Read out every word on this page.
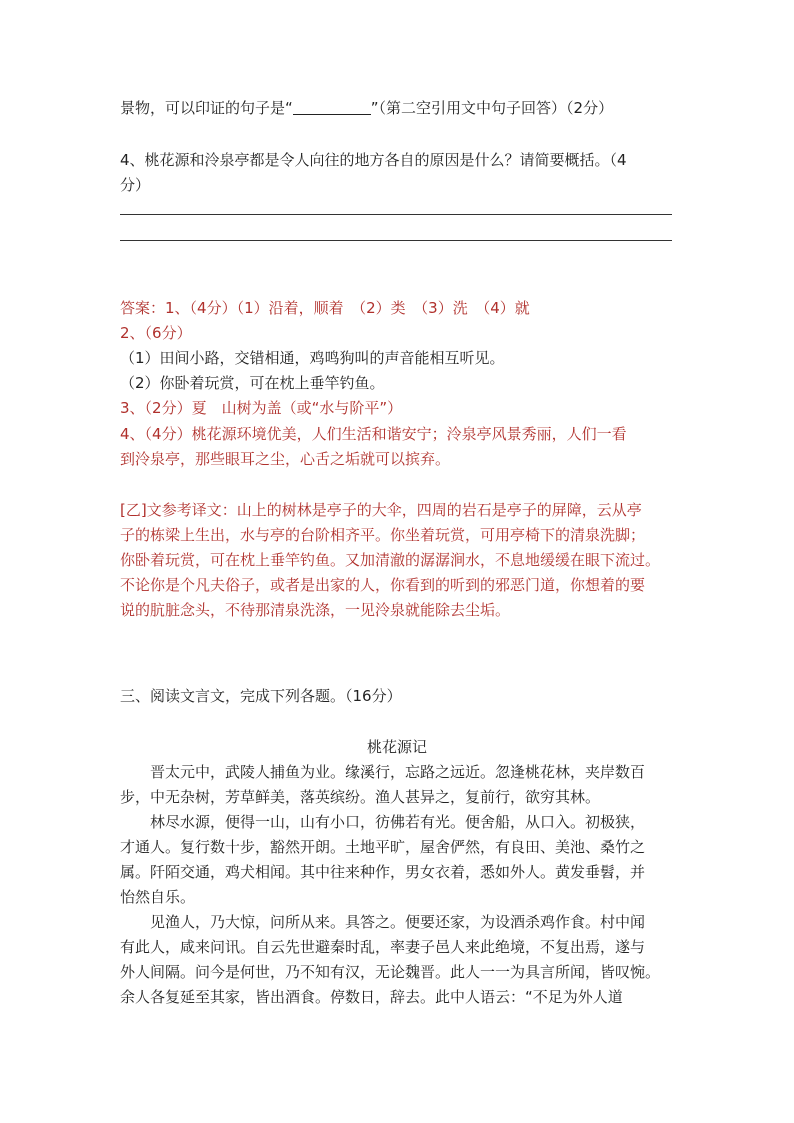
景物，可以印证的句子是“	”（第二空引用文中句子回答）（2分）
4、桃花源和泠泉亭都是令人向往的地方各自的原因是什么？请简要概括。（4
分）
答案：1、（4分）（1）沿着，顺着　（2）类　（3）洗　（4）就
2、（6分）
（1）田间小路，交错相通，鸡鸣狗叫的声音能相互听见。
（2）你卧着玩赏，可在枕上垂竿钓鱼。
3、（2分）夏　山树为盖（或“水与阶平”）
4、（4分）桃花源环境优美，人们生活和谐安宁；泠泉亭风景秀丽，人们一看
到泠泉亭，那些眼耳之尘，心舌之垢就可以摈弃。
[乙]文参考译文：山上的树林是亭子的大伞，四周的岩石是亭子的屏障，云从亭
子的栋梁上生出，水与亭的台阶相齐平。你坐着玩赏，可用亭椅下的清泉洗脚；
你卧着玩赏，可在枕上垂竿钓鱼。又加清澈的潺潺涧水，不息地缓缓在眼下流过。
不论你是个凡夫俗子，或者是出家的人，你看到的听到的邪恶门道，你想着的要
说的肮脏念头，不待那清泉洗涤，一见泠泉就能除去尘垢。
三、阅读文言文，完成下列各题。（16分）
桃花源记
　　晋太元中，武陵人捕鱼为业。缘溪行，忘路之远近。忽逢桃花林，夹岸数百
步，中无杂树，芳草鲜美，落英缤纷。渔人甚异之，复前行，欲穷其林。
　　林尽水源，便得一山，山有小口，彷佛若有光。便舍船，从口入。初极狭，
才通人。复行数十步，豁然开朗。土地平旷，屋舍俨然，有良田、美池、桑竹之
属。阡陌交通，鸡犬相闻。其中往来种作，男女衣着，悉如外人。黄发垂髫，并
怡然自乐。
　　见渔人，乃大惊，问所从来。具答之。便要还家，为设酒杀鸡作食。村中闻
有此人，咸来问讯。自云先世避秦时乱，率妻子邑人来此绝境，不复出焉，遂与
外人间隔。问今是何世，乃不知有汉，无论魏晋。此人一一为具言所闻，皆叹惋。
余人各复延至其家，皆出酒食。停数日，辞去。此中人语云：“不足为外人道
